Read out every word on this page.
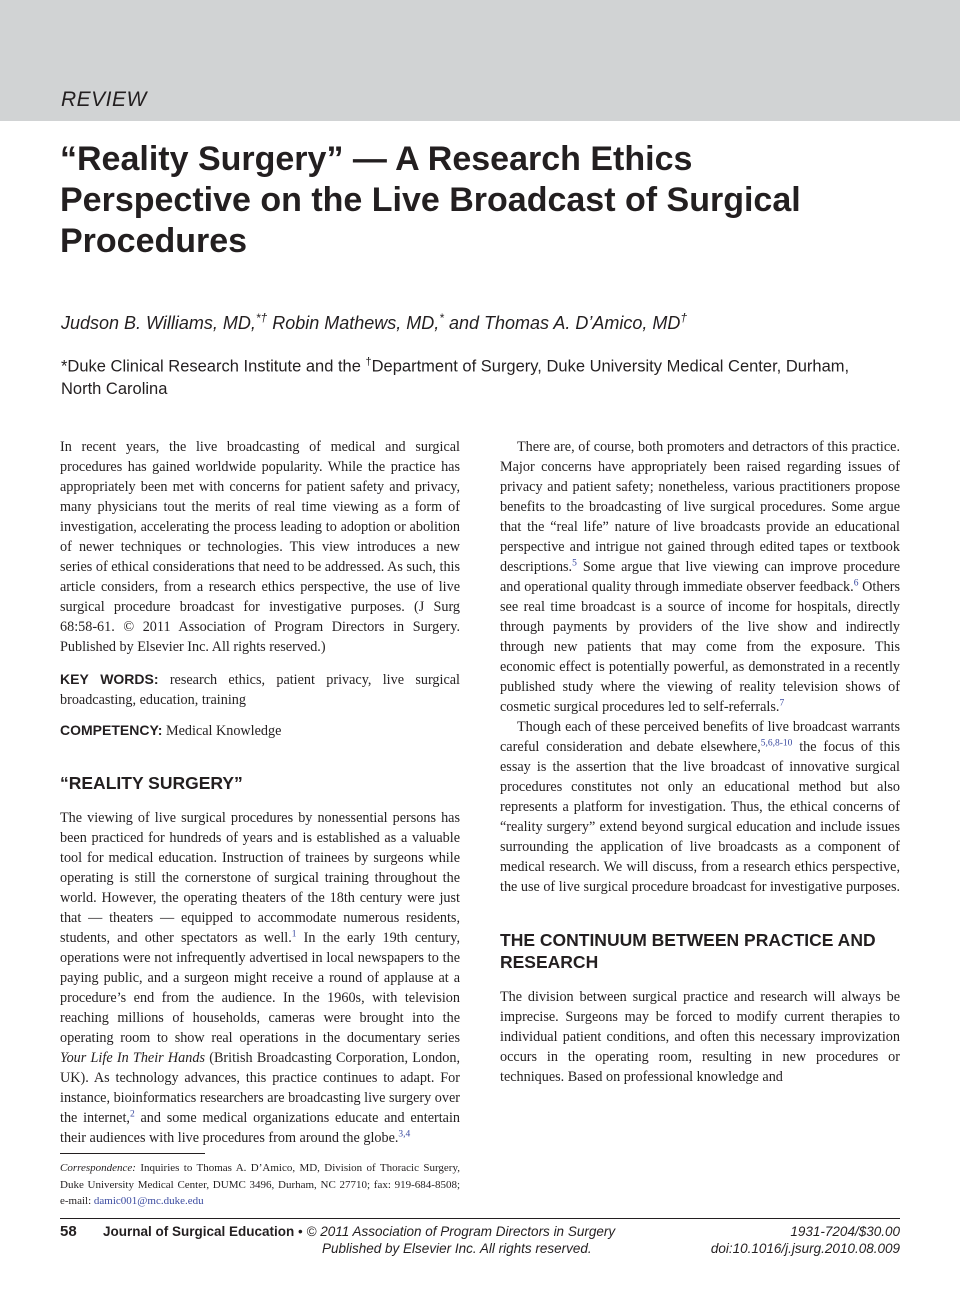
REVIEW
“Reality Surgery” — A Research Ethics Perspective on the Live Broadcast of Surgical Procedures
Judson B. Williams, MD,*† Robin Mathews, MD,* and Thomas A. D’Amico, MD†
*Duke Clinical Research Institute and the †Department of Surgery, Duke University Medical Center, Durham, North Carolina

In recent years, the live broadcasting of medical and surgical procedures has gained worldwide popularity. While the practice has appropriately been met with concerns for patient safety and privacy, many physicians tout the merits of real time viewing as a form of investigation, accelerating the process leading to adoption or abolition of newer techniques or technologies. This view introduces a new series of ethical considerations that need to be addressed. As such, this article considers, from a research ethics perspective, the use of live surgical procedure broadcast for investigative purposes. (J Surg 68:58-61. © 2011 Association of Program Directors in Surgery. Published by Elsevier Inc. All rights reserved.)

KEY WORDS: research ethics, patient privacy, live surgical broadcasting, education, training

COMPETENCY: Medical Knowledge

“REALITY SURGERY”

The viewing of live surgical procedures by nonessential persons has been practiced for hundreds of years and is established as a valuable tool for medical education. Instruction of trainees by surgeons while operating is still the cornerstone of surgical training throughout the world. However, the operating theaters of the 18th century were just that — theaters — equipped to accommodate numerous residents, students, and other spectators as well.$^1$ In the early 19th century, operations were not infrequently advertised in local newspapers to the paying public, and a surgeon might receive a round of applause at a procedure’s end from the audience. In the 1960s, with television reaching millions of households, cameras were brought into the operating room to show real operations in the documentary series Your Life In Their Hands (British Broadcasting Corporation, London, UK). As technology advances, this practice continues to adapt. For instance, bioinformatics researchers are broadcasting live surgery over the internet,$^2$ and some medical organizations educate and entertain their audiences with live procedures from around the globe.$^{3,4}$

Correspondence: Inquiries to Thomas A. D’Amico, MD, Division of Thoracic Surgery, Duke University Medical Center, DUMC 3496, Durham, NC 27710; fax: 919-684-8508; e-mail: damic001@mc.duke.edu

There are, of course, both promoters and detractors of this practice. Major concerns have appropriately been raised regarding issues of privacy and patient safety; nonetheless, various practitioners propose benefits to the broadcasting of live surgical procedures. Some argue that the “real life” nature of live broadcasts provide an educational perspective and intrigue not gained through edited tapes or textbook descriptions.$^5$ Some argue that live viewing can improve procedure and operational quality through immediate observer feedback.$^6$ Others see real time broadcast is a source of income for hospitals, directly through payments by providers of the live show and indirectly through new patients that may come from the exposure. This economic effect is potentially powerful, as demonstrated in a recently published study where the viewing of reality television shows of cosmetic surgical procedures led to self-referrals.$^7$

Though each of these perceived benefits of live broadcast warrants careful consideration and debate elsewhere,$^{5,6,8-10}$ the focus of this essay is the assertion that the live broadcast of innovative surgical procedures constitutes not only an educational method but also represents a platform for investigation. Thus, the ethical concerns of “reality surgery” extend beyond surgical education and include issues surrounding the application of live broadcasts as a component of medical research. We will discuss, from a research ethics perspective, the use of live surgical procedure broadcast for investigative purposes.

THE CONTINUUM BETWEEN PRACTICE AND RESEARCH

The division between surgical practice and research will always be imprecise. Surgeons may be forced to modify current therapies to individual patient conditions, and often this necessary improvization occurs in the operating room, resulting in new procedures or techniques. Based on professional knowledge and

58 Journal of Surgical Education • © 2011 Association of Program Directors in Surgery
Published by Elsevier Inc. All rights reserved.
1931-7204/$30.00
doi:10.1016/j.jsurg.2010.08.009
